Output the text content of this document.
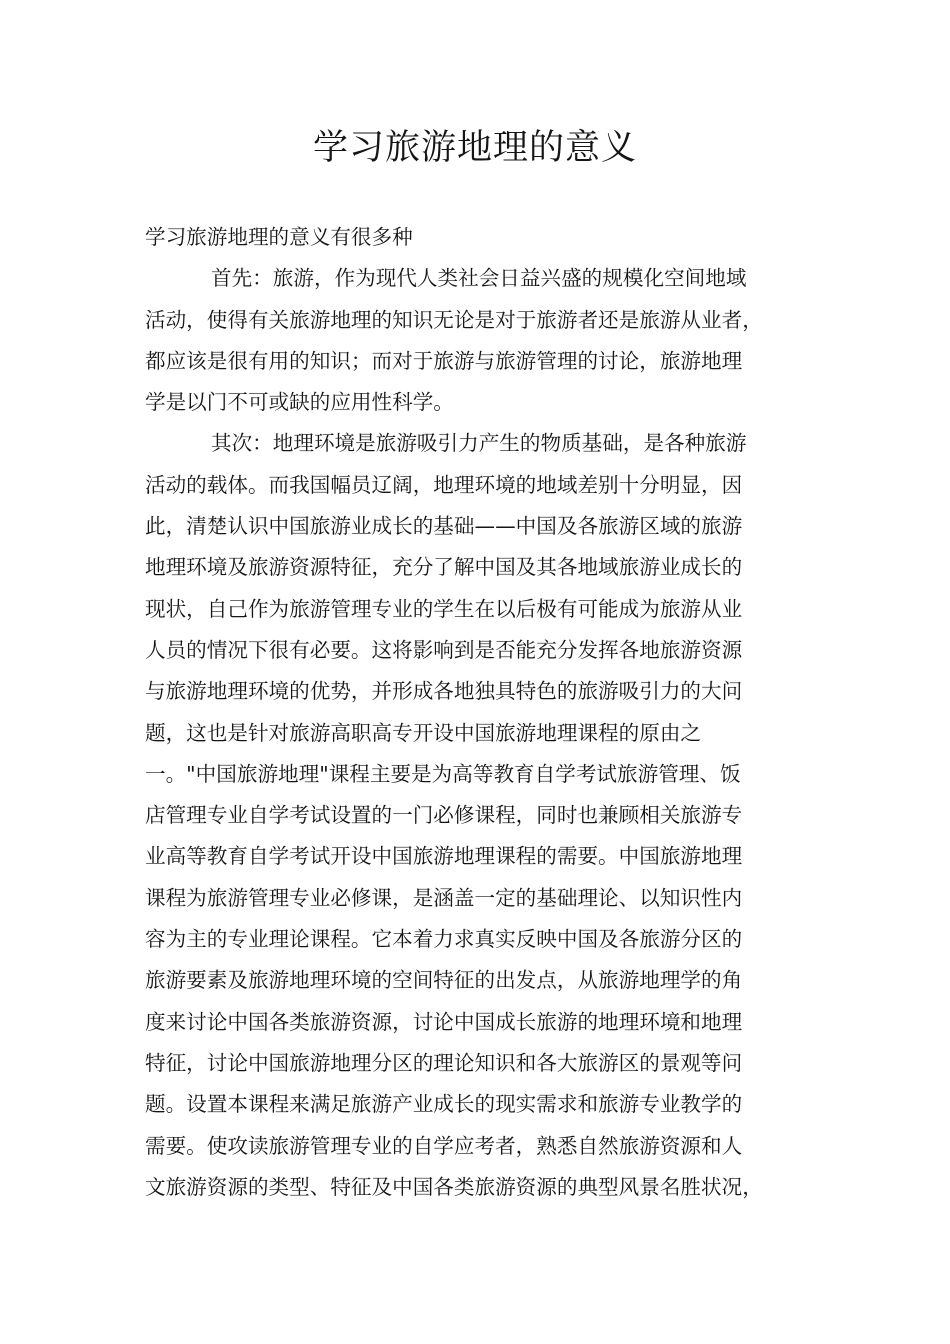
学习旅游地理的意义
学习旅游地理的意义有很多种
首先：旅游，作为现代人类社会日益兴盛的规模化空间地域
活动，使得有关旅游地理的知识无论是对于旅游者还是旅游从业者，
都应该是很有用的知识；而对于旅游与旅游管理的讨论，旅游地理
学是以门不可或缺的应用性科学。
其次：地理环境是旅游吸引力产生的物质基础，是各种旅游
活动的载体。而我国幅员辽阔，地理环境的地域差别十分明显，因
此，清楚认识中国旅游业成长的基础——中国及各旅游区域的旅游
地理环境及旅游资源特征，充分了解中国及其各地域旅游业成长的
现状，自己作为旅游管理专业的学生在以后极有可能成为旅游从业
人员的情况下很有必要。这将影响到是否能充分发挥各地旅游资源
与旅游地理环境的优势，并形成各地独具特色的旅游吸引力的大问
题，这也是针对旅游高职高专开设中国旅游地理课程的原由之
一。"中国旅游地理"课程主要是为高等教育自学考试旅游管理、饭
店管理专业自学考试设置的一门必修课程，同时也兼顾相关旅游专
业高等教育自学考试开设中国旅游地理课程的需要。中国旅游地理
课程为旅游管理专业必修课，是涵盖一定的基础理论、以知识性内
容为主的专业理论课程。它本着力求真实反映中国及各旅游分区的
旅游要素及旅游地理环境的空间特征的出发点，从旅游地理学的角
度来讨论中国各类旅游资源，讨论中国成长旅游的地理环境和地理
特征，讨论中国旅游地理分区的理论知识和各大旅游区的景观等问
题。设置本课程来满足旅游产业成长的现实需求和旅游专业教学的
需要。使攻读旅游管理专业的自学应考者，熟悉自然旅游资源和人
文旅游资源的类型、特征及中国各类旅游资源的典型风景名胜状况，
